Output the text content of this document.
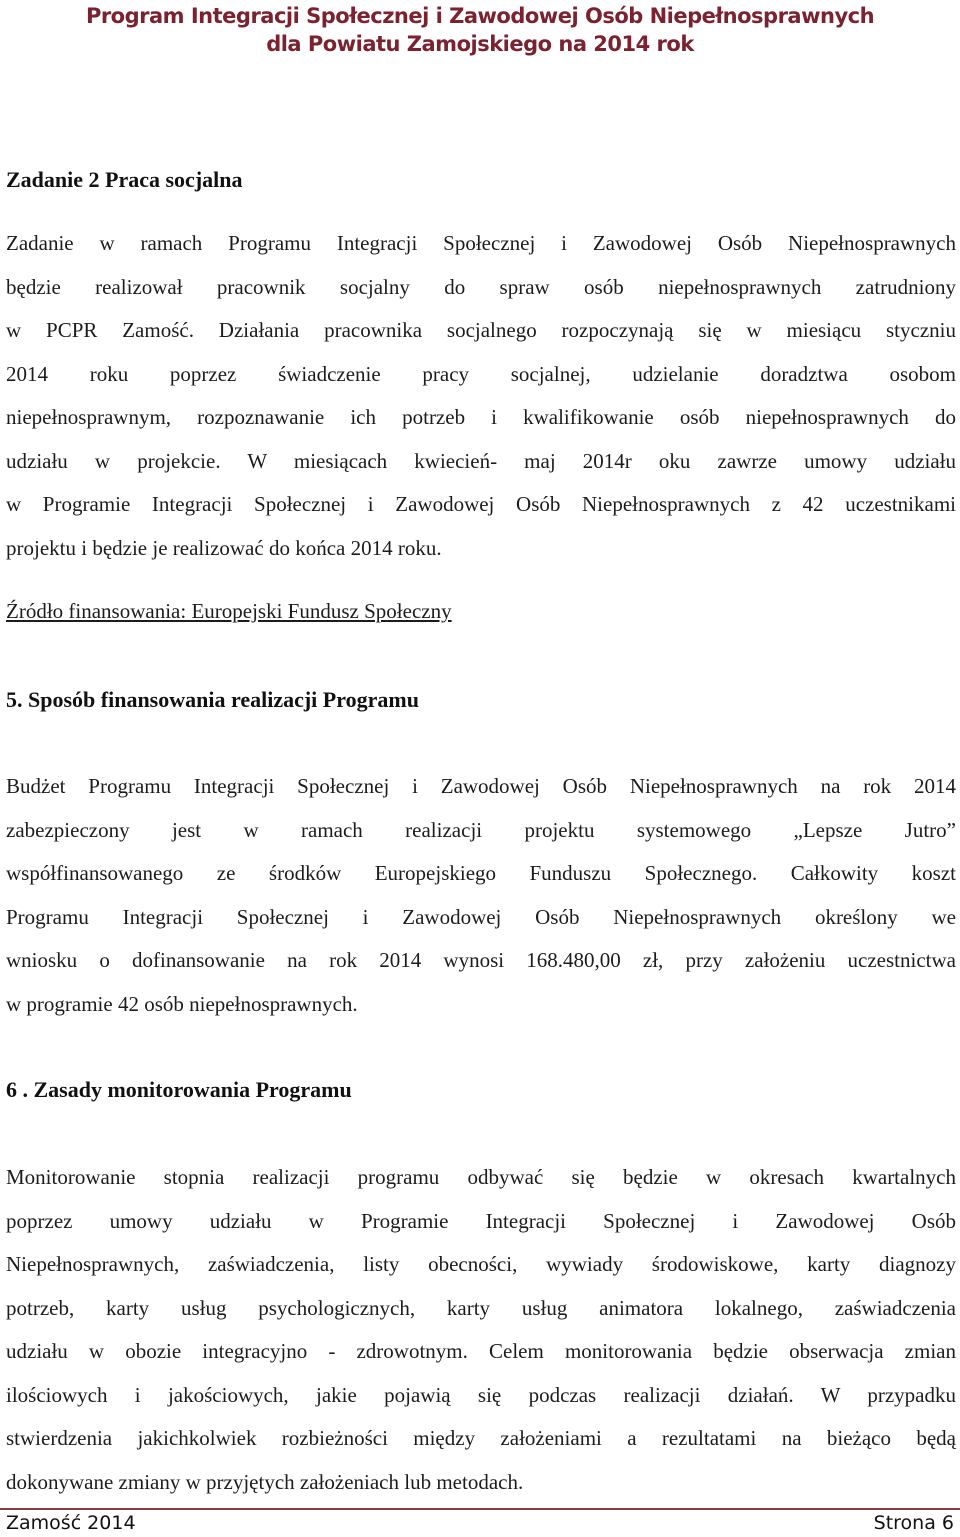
Program Integracji Społecznej i Zawodowej Osób Niepełnosprawnych
dla Powiatu Zamojskiego na 2014 rok
Zadanie 2 Praca socjalna
Zadanie w ramach Programu Integracji Społecznej i Zawodowej Osób Niepełnosprawnych
będzie realizował pracownik socjalny do spraw osób niepełnosprawnych zatrudniony
w PCPR Zamość. Działania pracownika socjalnego rozpoczynają się w miesiącu styczniu
2014 roku poprzez świadczenie pracy socjalnej, udzielanie doradztwa osobom
niepełnosprawnym, rozpoznawanie ich potrzeb i kwalifikowanie osób niepełnosprawnych do
udziału w projekcie. W miesiącach kwiecień- maj 2014r oku zawrze umowy udziału
w Programie Integracji Społecznej i Zawodowej Osób Niepełnosprawnych z 42 uczestnikami
projektu i będzie je realizować do końca 2014 roku.
Źródło finansowania: Europejski Fundusz Społeczny
5. Sposób finansowania realizacji Programu
Budżet Programu Integracji Społecznej i Zawodowej Osób Niepełnosprawnych na rok 2014
zabezpieczony jest w ramach realizacji projektu systemowego „Lepsze Jutro”
współfinansowanego ze środków Europejskiego Funduszu Społecznego. Całkowity koszt
Programu Integracji Społecznej i Zawodowej Osób Niepełnosprawnych określony we
wniosku o dofinansowanie na rok 2014 wynosi 168.480,00 zł, przy założeniu uczestnictwa
w programie 42 osób niepełnosprawnych.
6 . Zasady monitorowania Programu
Monitorowanie stopnia realizacji programu odbywać się będzie w okresach kwartalnych
poprzez umowy udziału w Programie Integracji Społecznej i Zawodowej Osób
Niepełnosprawnych, zaświadczenia, listy obecności, wywiady środowiskowe, karty diagnozy
potrzeb, karty usług psychologicznych, karty usług animatora lokalnego, zaświadczenia
udziału w obozie integracyjno - zdrowotnym. Celem monitorowania będzie obserwacja zmian
ilościowych i jakościowych, jakie pojawią się podczas realizacji działań. W przypadku
stwierdzenia jakichkolwiek rozbieżności między założeniami a rezultatami na bieżąco będą
dokonywane zmiany w przyjętych założeniach lub metodach.
Zamość 2014	Strona 6
